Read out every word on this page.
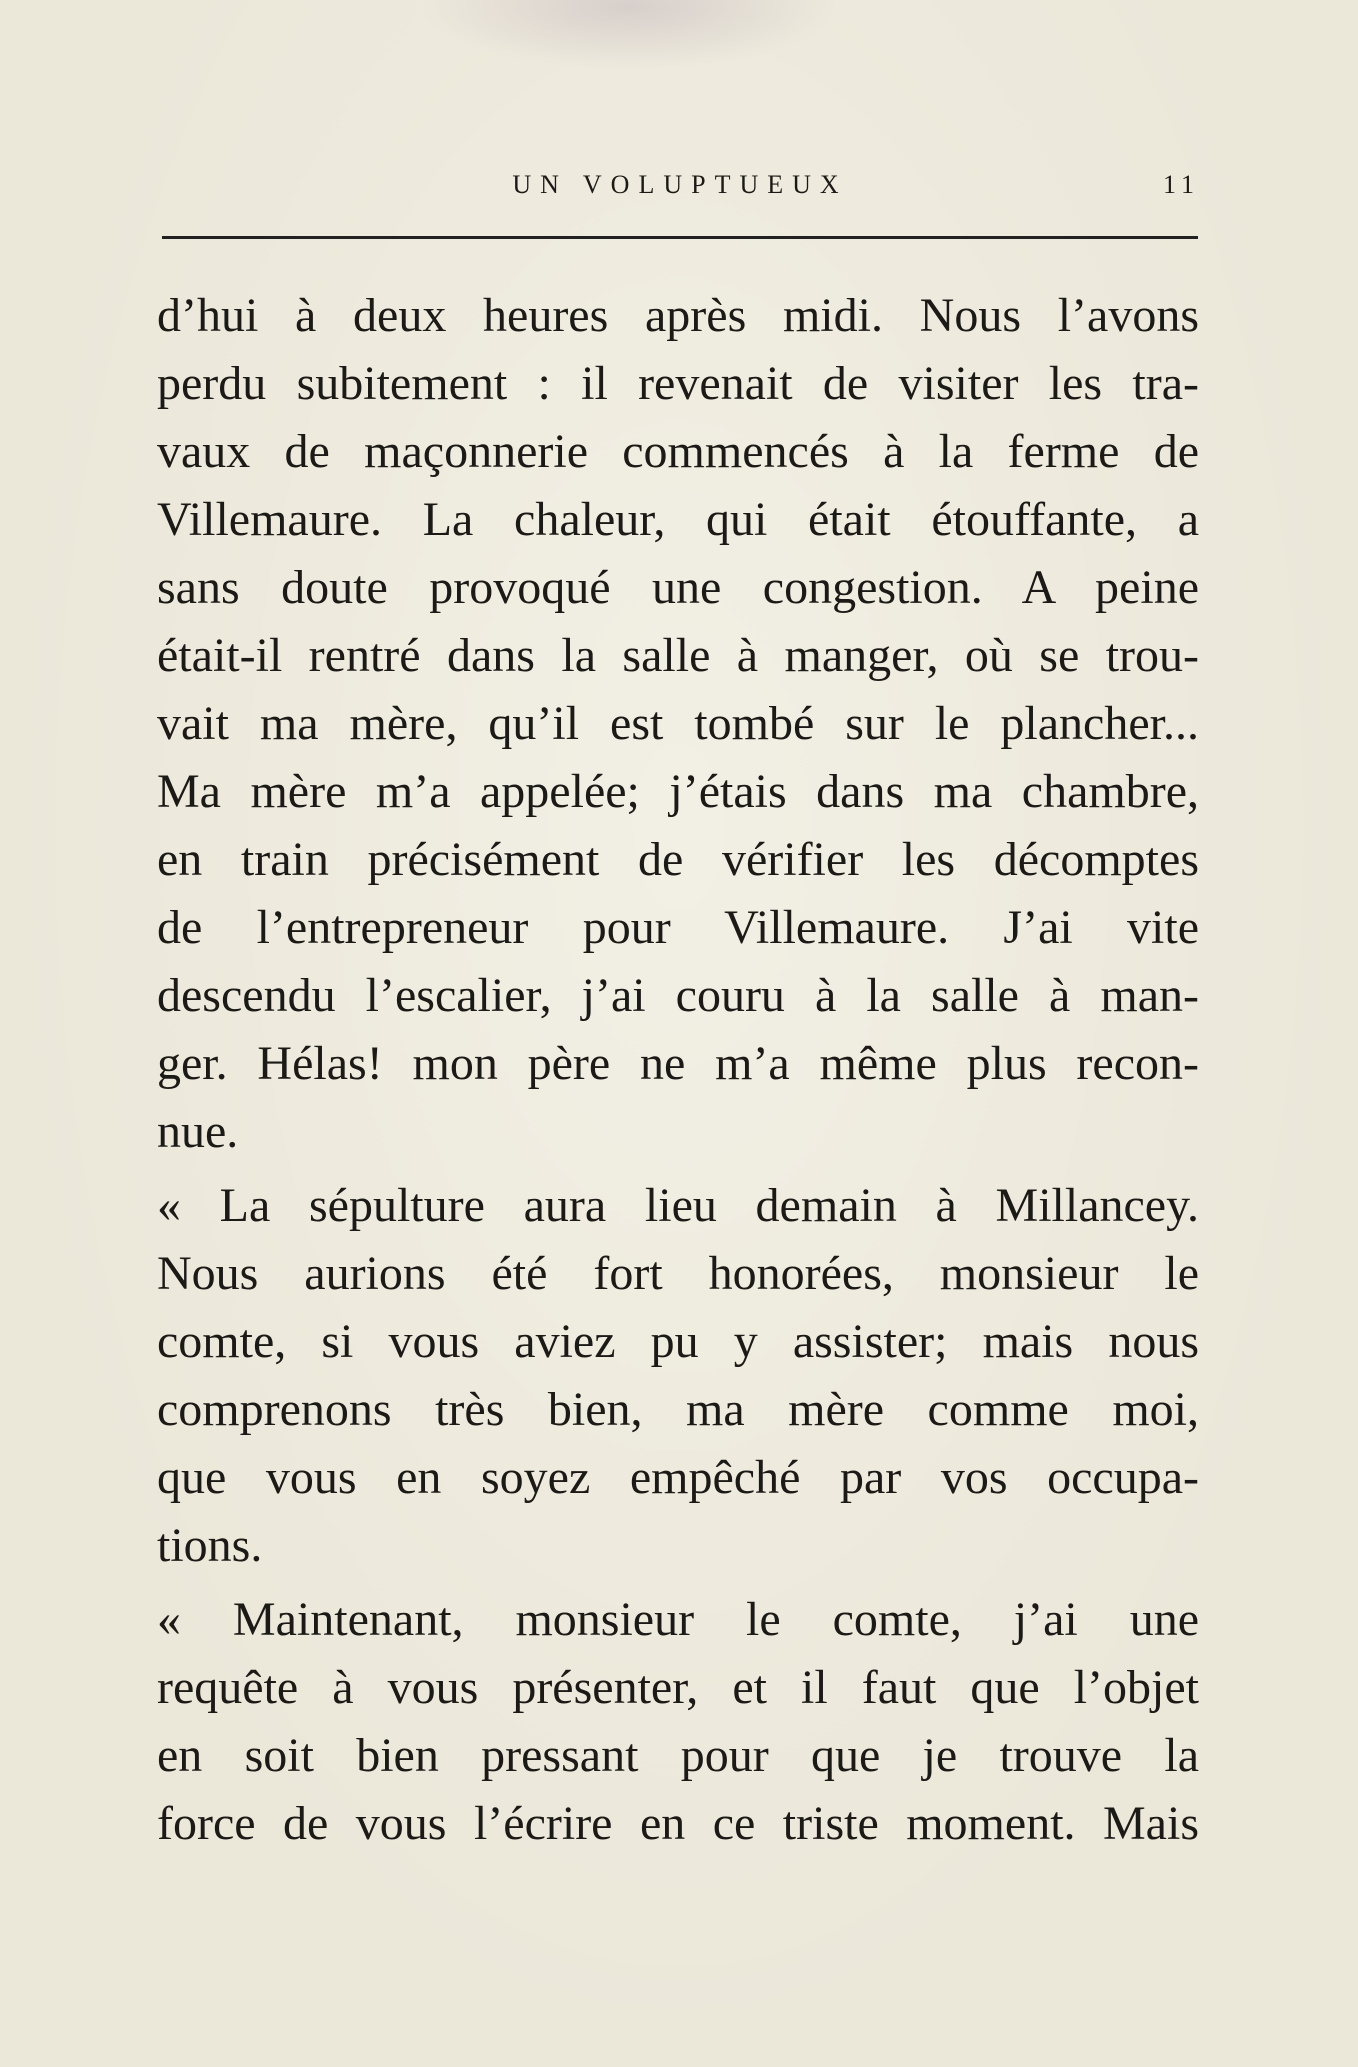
UN VOLUPTUEUX	11
d’hui à deux heures après midi. Nous l’avons
perdu subitement : il revenait de visiter les tra-
vaux de maçonnerie commencés à la ferme de
Villemaure. La chaleur, qui était étouffante, a
sans doute provoqué une congestion. A peine
était-il rentré dans la salle à manger, où se trou-
vait ma mère, qu’il est tombé sur le plancher...
Ma mère m’a appelée; j’étais dans ma chambre,
en train précisément de vérifier les décomptes
de l’entrepreneur pour Villemaure. J’ai vite
descendu l’escalier, j’ai couru à la salle à man-
ger. Hélas! mon père ne m’a même plus recon-
nue.
« La sépulture aura lieu demain à Millancey.
Nous aurions été fort honorées, monsieur le
comte, si vous aviez pu y assister; mais nous
comprenons très bien, ma mère comme moi,
que vous en soyez empêché par vos occupa-
tions.
« Maintenant, monsieur le comte, j’ai une
requête à vous présenter, et il faut que l’objet
en soit bien pressant pour que je trouve la
force de vous l’écrire en ce triste moment. Mais
